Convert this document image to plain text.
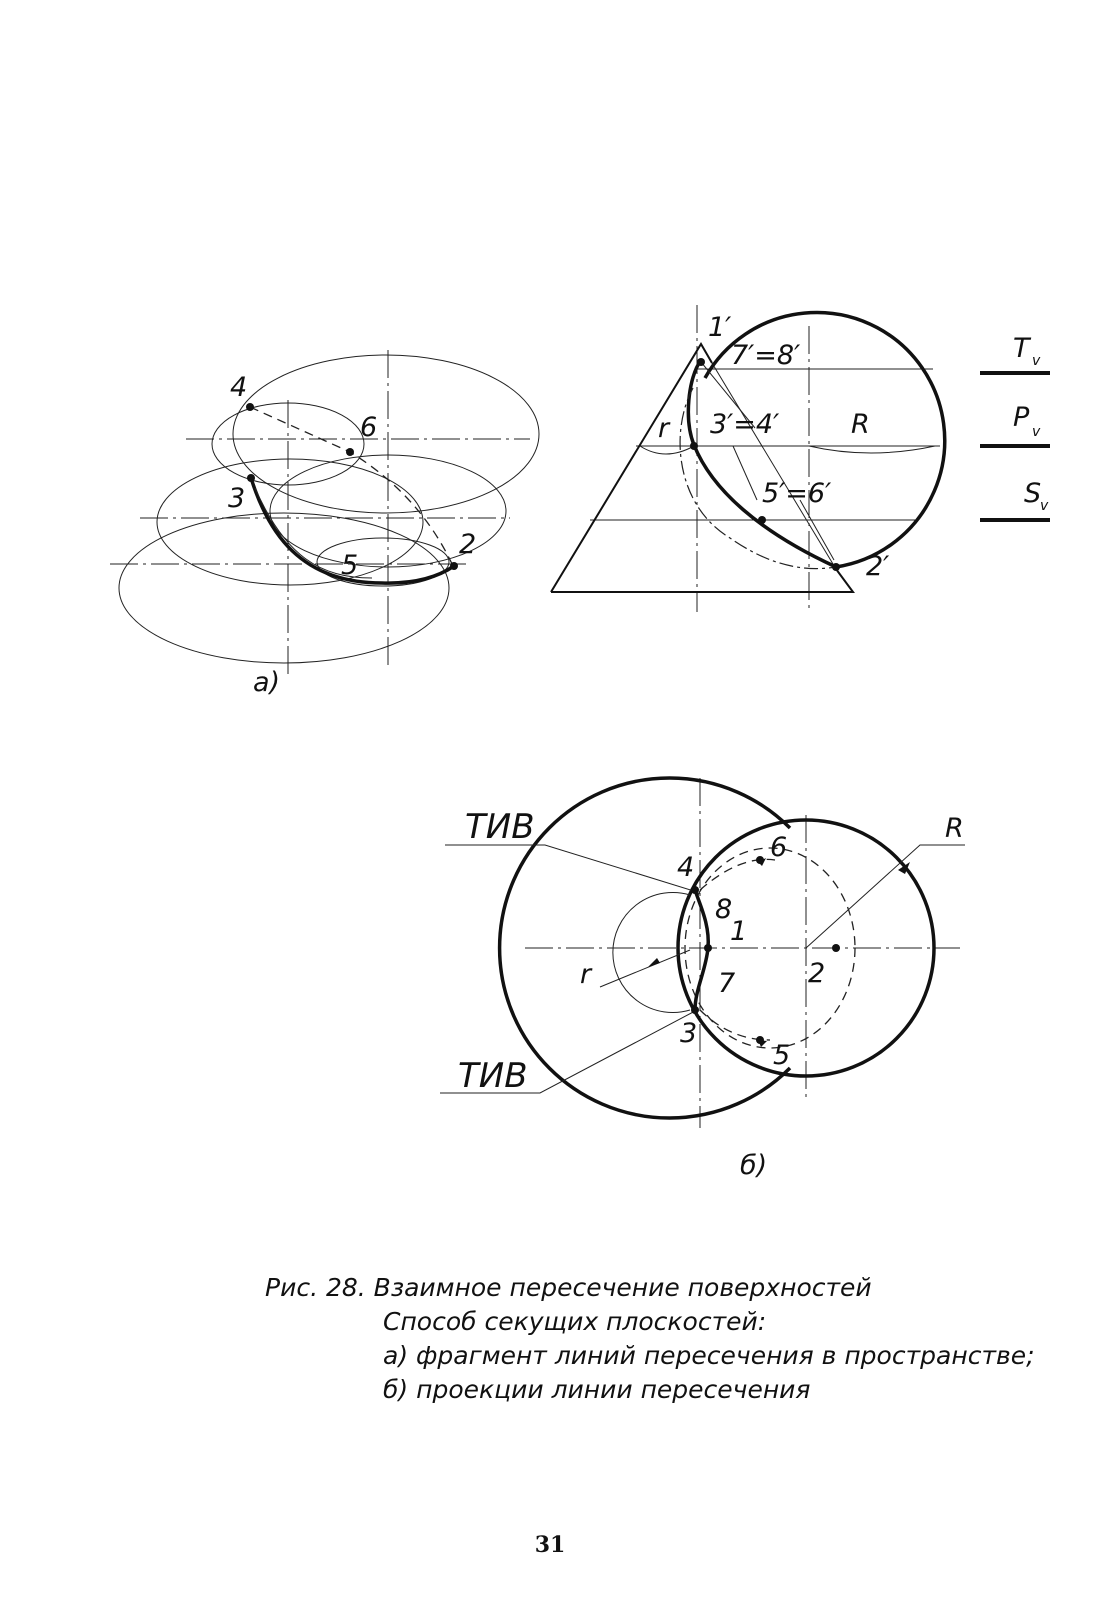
4
6
3
5
2
а)
1′
7′=8′
3′=4′	R
r
5′=6′
2′
T v
P v
S
v
ТИВ
ТИВ
R
r
1
2
3
4
5
6
7
8
б)
Рис. 28. Взаимное пересечение поверхностей
Способ секущих плоскостей:
а) фрагмент линий пересечения в пространстве;
б) проекции линии пересечения
31
